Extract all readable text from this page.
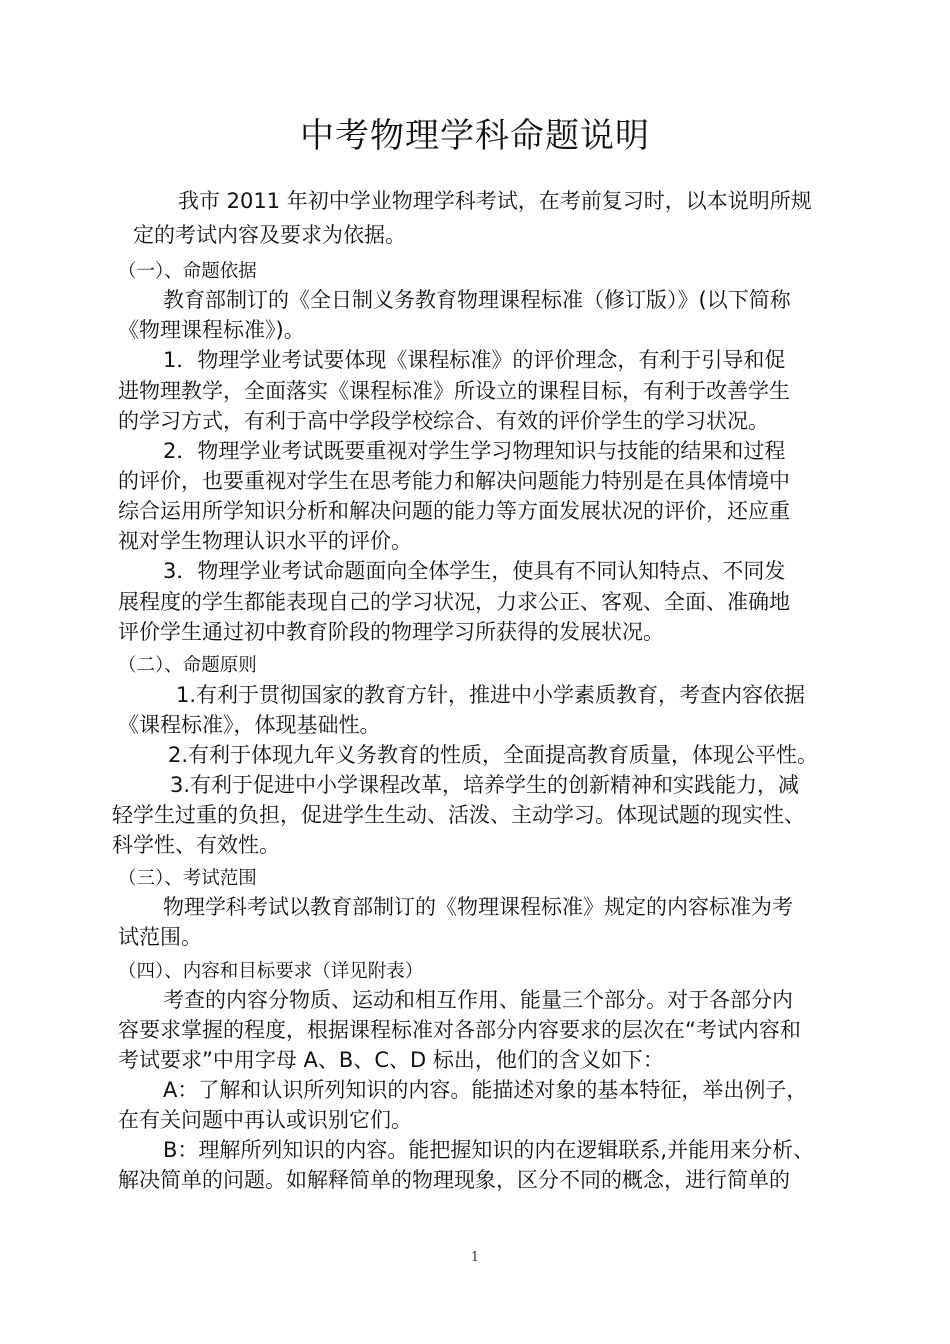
中考物理学科命题说明

我市 2011 年初中学业物理学科考试，在考前复习时，以本说明所规

定的考试内容及要求为依据。

（一）、命题依据

教育部制订的《全日制义务教育物理课程标准（修订版）》(以下简称

《物理课程标准》)。

1．物理学业考试要体现《课程标准》的评价理念，有利于引导和促

进物理教学，全面落实《课程标准》所设立的课程目标，有利于改善学生

的学习方式，有利于高中学段学校综合、有效的评价学生的学习状况。

2．物理学业考试既要重视对学生学习物理知识与技能的结果和过程

的评价，也要重视对学生在思考能力和解决问题能力特别是在具体情境中

综合运用所学知识分析和解决问题的能力等方面发展状况的评价，还应重

视对学生物理认识水平的评价。

3．物理学业考试命题面向全体学生，使具有不同认知特点、不同发

展程度的学生都能表现自己的学习状况，力求公正、客观、全面、准确地

评价学生通过初中教育阶段的物理学习所获得的发展状况。

（二）、命题原则

1.有利于贯彻国家的教育方针，推进中小学素质教育，考查内容依据

《课程标准》，体现基础性。

2.有利于体现九年义务教育的性质，全面提高教育质量，体现公平性。

3.有利于促进中小学课程改革，培养学生的创新精神和实践能力，减

轻学生过重的负担，促进学生生动、活泼、主动学习。体现试题的现实性、

科学性、有效性。

（三）、考试范围

物理学科考试以教育部制订的《物理课程标准》规定的内容标准为考

试范围。

（四）、内容和目标要求（详见附表）

考查的内容分物质、运动和相互作用、能量三个部分。对于各部分内

容要求掌握的程度，根据课程标准对各部分内容要求的层次在“考试内容和

考试要求”中用字母 A、B、C、D 标出，他们的含义如下：

A：了解和认识所列知识的内容。能描述对象的基本特征，举出例子，

在有关问题中再认或识别它们。

B：理解所列知识的内容。能把握知识的内在逻辑联系,并能用来分析、

解决简单的问题。如解释简单的物理现象，区分不同的概念，进行简单的

1
